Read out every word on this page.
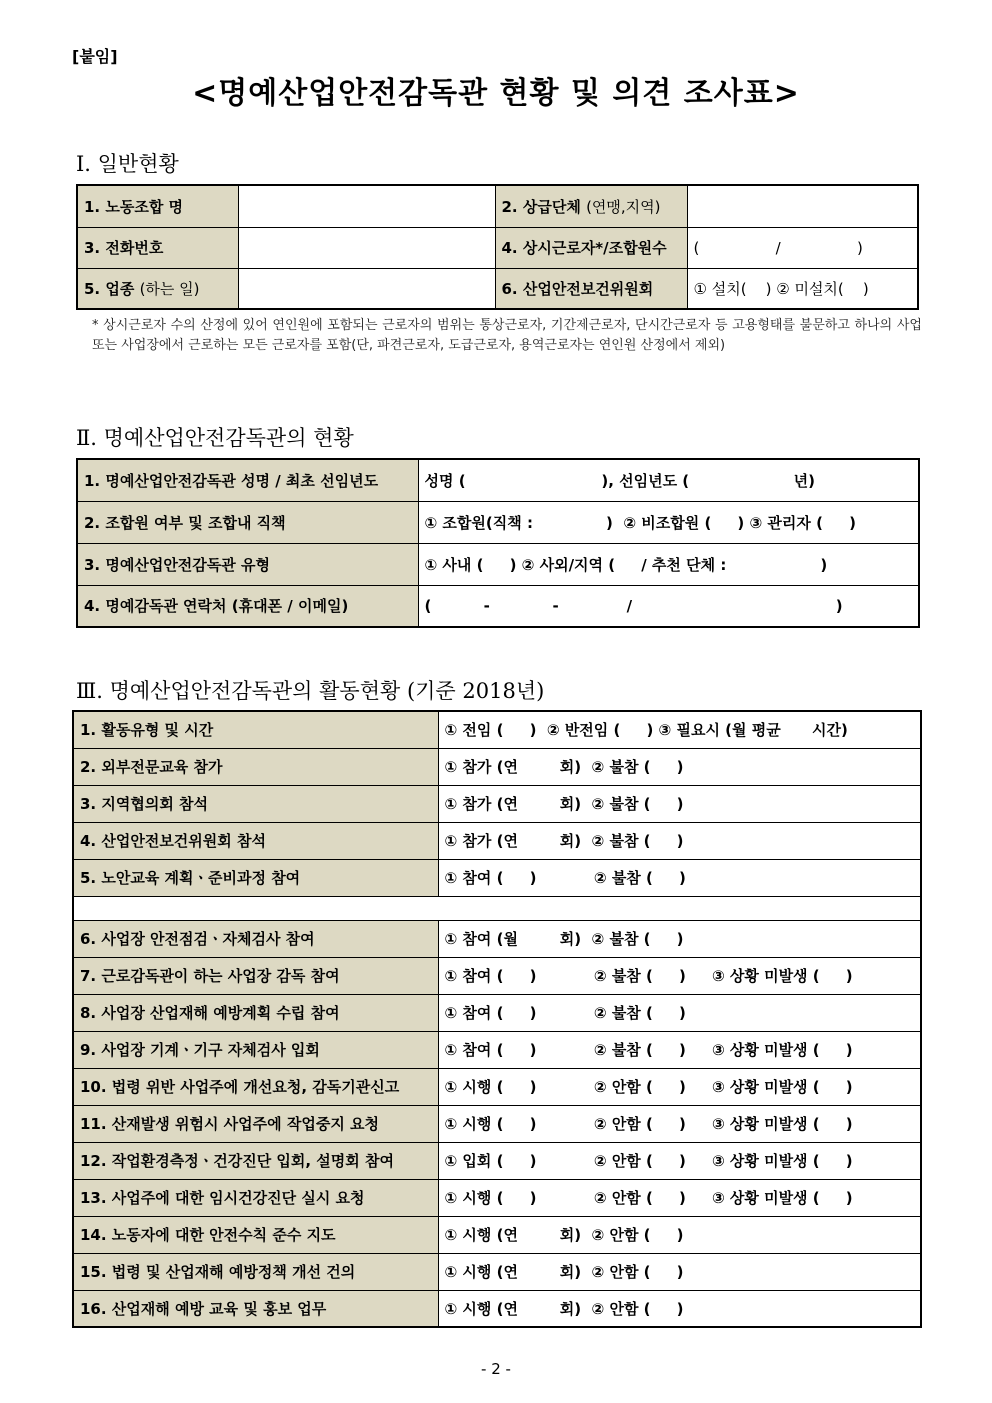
[붙임]
<명예산업안전감독관 현황 및 의견 조사표>
Ⅰ. 일반현황
1. 노동조합 명		2. 상급단체 (연맹,지역)	
3. 전화번호		4. 상시근로자*/조합원수	(                /                )
5. 업종 (하는 일)		6. 산업안전보건위원회	① 설치(    ) ② 미설치(    )
* 상시근로자 수의 산정에 있어 연인원에 포함되는 근로자의 범위는 통상근로자, 기간제근로자, 단시간근로자 등 고용형태를 불문하고 하나의 사업 또는 사업장에서 근로하는 모든 근로자를 포함(단, 파견근로자, 도급근로자, 용역근로자는 연인원 산정에서 제외)
Ⅱ. 명예산업안전감독관의 현황
1. 명예산업안전감독관 성명 / 최초 선임년도	성명 (                          ), 선임년도 (                    년)
2. 조합원 여부 및 조합내 직책	① 조합원(직책 :              )  ② 비조합원 (     ) ③ 관리자 (     )
3. 명예산업안전감독관 유형	① 사내 (     ) ② 사외/지역 (     / 추천 단체 :                  )
4. 명예감독관 연락처 (휴대폰 / 이메일)	(          -            -             /                                       )
Ⅲ. 명예산업안전감독관의 활동현황 (기준 2018년)
1. 활동유형 및 시간	① 전임 (     )  ② 반전임 (     ) ③ 필요시 (월 평균      시간)
2. 외부전문교육 참가	① 참가 (연        회)  ② 불참 (     )
3. 지역협의회 참석	① 참가 (연        회)  ② 불참 (     )
4. 산업안전보건위원회 참석	① 참가 (연        회)  ② 불참 (     )
5. 노안교육 계획ㆍ준비과정 참여	① 참여 (     )           ② 불참 (     )

6. 사업장 안전점검ㆍ자체검사 참여	① 참여 (월        회)  ② 불참 (     )
7. 근로감독관이 하는 사업장 감독 참여	① 참여 (     )           ② 불참 (     )     ③ 상황 미발생 (     )
8. 사업장 산업재해 예방계획 수립 참여	① 참여 (     )           ② 불참 (     )
9. 사업장 기계ㆍ기구 자체검사 입회	① 참여 (     )           ② 불참 (     )     ③ 상황 미발생 (     )
10. 법령 위반 사업주에 개선요청, 감독기관신고	① 시행 (     )           ② 안함 (     )     ③ 상황 미발생 (     )
11. 산재발생 위험시 사업주에 작업중지 요청	① 시행 (     )           ② 안함 (     )     ③ 상황 미발생 (     )
12. 작업환경측정ㆍ건강진단 입회, 설명회 참여	① 입회 (     )           ② 안함 (     )     ③ 상황 미발생 (     )
13. 사업주에 대한 임시건강진단 실시 요청	① 시행 (     )           ② 안함 (     )     ③ 상황 미발생 (     )
14. 노동자에 대한 안전수칙 준수 지도	① 시행 (연        회)  ② 안함 (     )
15. 법령 및 산업재해 예방정책 개선 건의	① 시행 (연        회)  ② 안함 (     )
16. 산업재해 예방 교육 및 홍보 업무	① 시행 (연        회)  ② 안함 (     )
- 2 -
